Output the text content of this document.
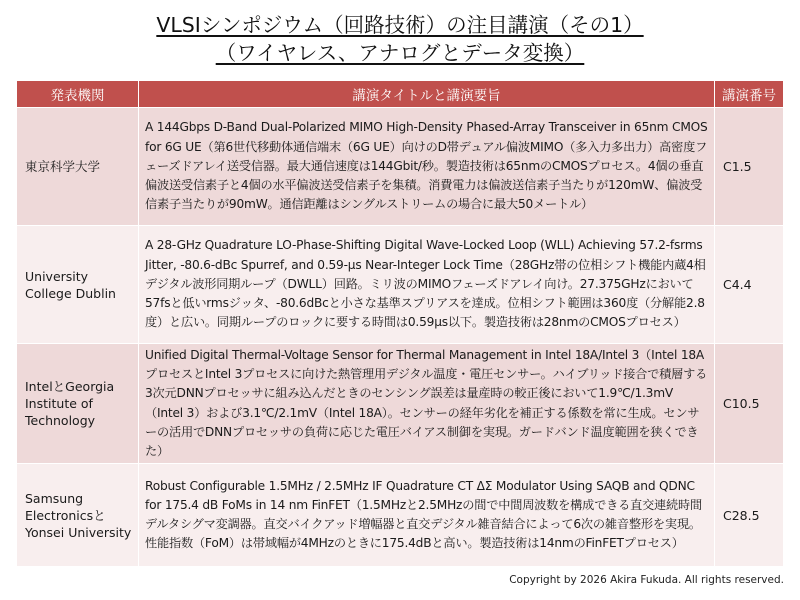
VLSIシンポジウム（回路技術）の注目講演（その1）
（ワイヤレス、アナログとデータ変換）
発表機関	講演タイトルと講演要旨	講演番号
東京科学大学	A 144Gbps D-Band Dual-Polarized MIMO High-Density Phased-Array Transceiver in 65nm CMOS for 6G UE（第6世代移動体通信端末（6G UE）向けのD帯デュアル偏波MIMO（多入力多出力）高密度フェーズドアレイ送受信器。最大通信速度は144Gbit/秒。製造技術は65nmのCMOSプロセス。4個の垂直偏波送受信素子と4個の水平偏波送受信素子を集積。消費電力は偏波送信素子当たりが120mW、偏波受信素子当たりが90mW。通信距離はシングルストリームの場合に最大50メートル）	C1.5
University College Dublin	A 28-GHz Quadrature LO-Phase-Shifting Digital Wave-Locked Loop (WLL) Achieving 57.2-fsrms Jitter, -80.6-dBc Spurref, and 0.59-µs Near-Integer Lock Time（28GHz帯の位相シフト機能内蔵4相デジタル波形同期ループ（DWLL）回路。ミリ波のMIMOフェーズドアレイ向け。27.375GHzにおいて57fsと低いrmsジッタ、-80.6dBcと小さな基準スプリアスを達成。位相シフト範囲は360度（分解能2.8度）と広い。同期ループのロックに要する時間は0.59µs以下。製造技術は28nmのCMOSプロセス）	C4.4
IntelとGeorgia Institute of Technology	Unified Digital Thermal-Voltage Sensor for Thermal Management in Intel 18A/Intel 3（Intel 18AプロセスとIntel 3プロセスに向けた熱管理用デジタル温度・電圧センサー。ハイブリッド接合で積層する3次元DNNプロセッサに組み込んだときのセンシング誤差は量産時の較正後において1.9℃/1.3mV（Intel 3）および3.1℃/2.1mV（Intel 18A）。センサーの経年劣化を補正する係数を常に生成。センサーの活用でDNNプロセッサの負荷に応じた電圧バイアス制御を実現。ガードバンド温度範囲を狭くできた）	C10.5
Samsung ElectronicsとYonsei University	Robust Configurable 1.5MHz / 2.5MHz IF Quadrature CT ΔΣ Modulator Using SAQB and QDNC for 175.4 dB FoMs in 14 nm FinFET（1.5MHzと2.5MHzの間で中間周波数を構成できる直交連続時間デルタシグマ変調器。直交バイクアッド増幅器と直交デジタル雑音結合によって6次の雑音整形を実現。性能指数（FoM）は帯域幅が4MHzのときに175.4dBと高い。製造技術は14nmのFinFETプロセス）	C28.5
Copyright by 2026 Akira Fukuda. All rights reserved.
